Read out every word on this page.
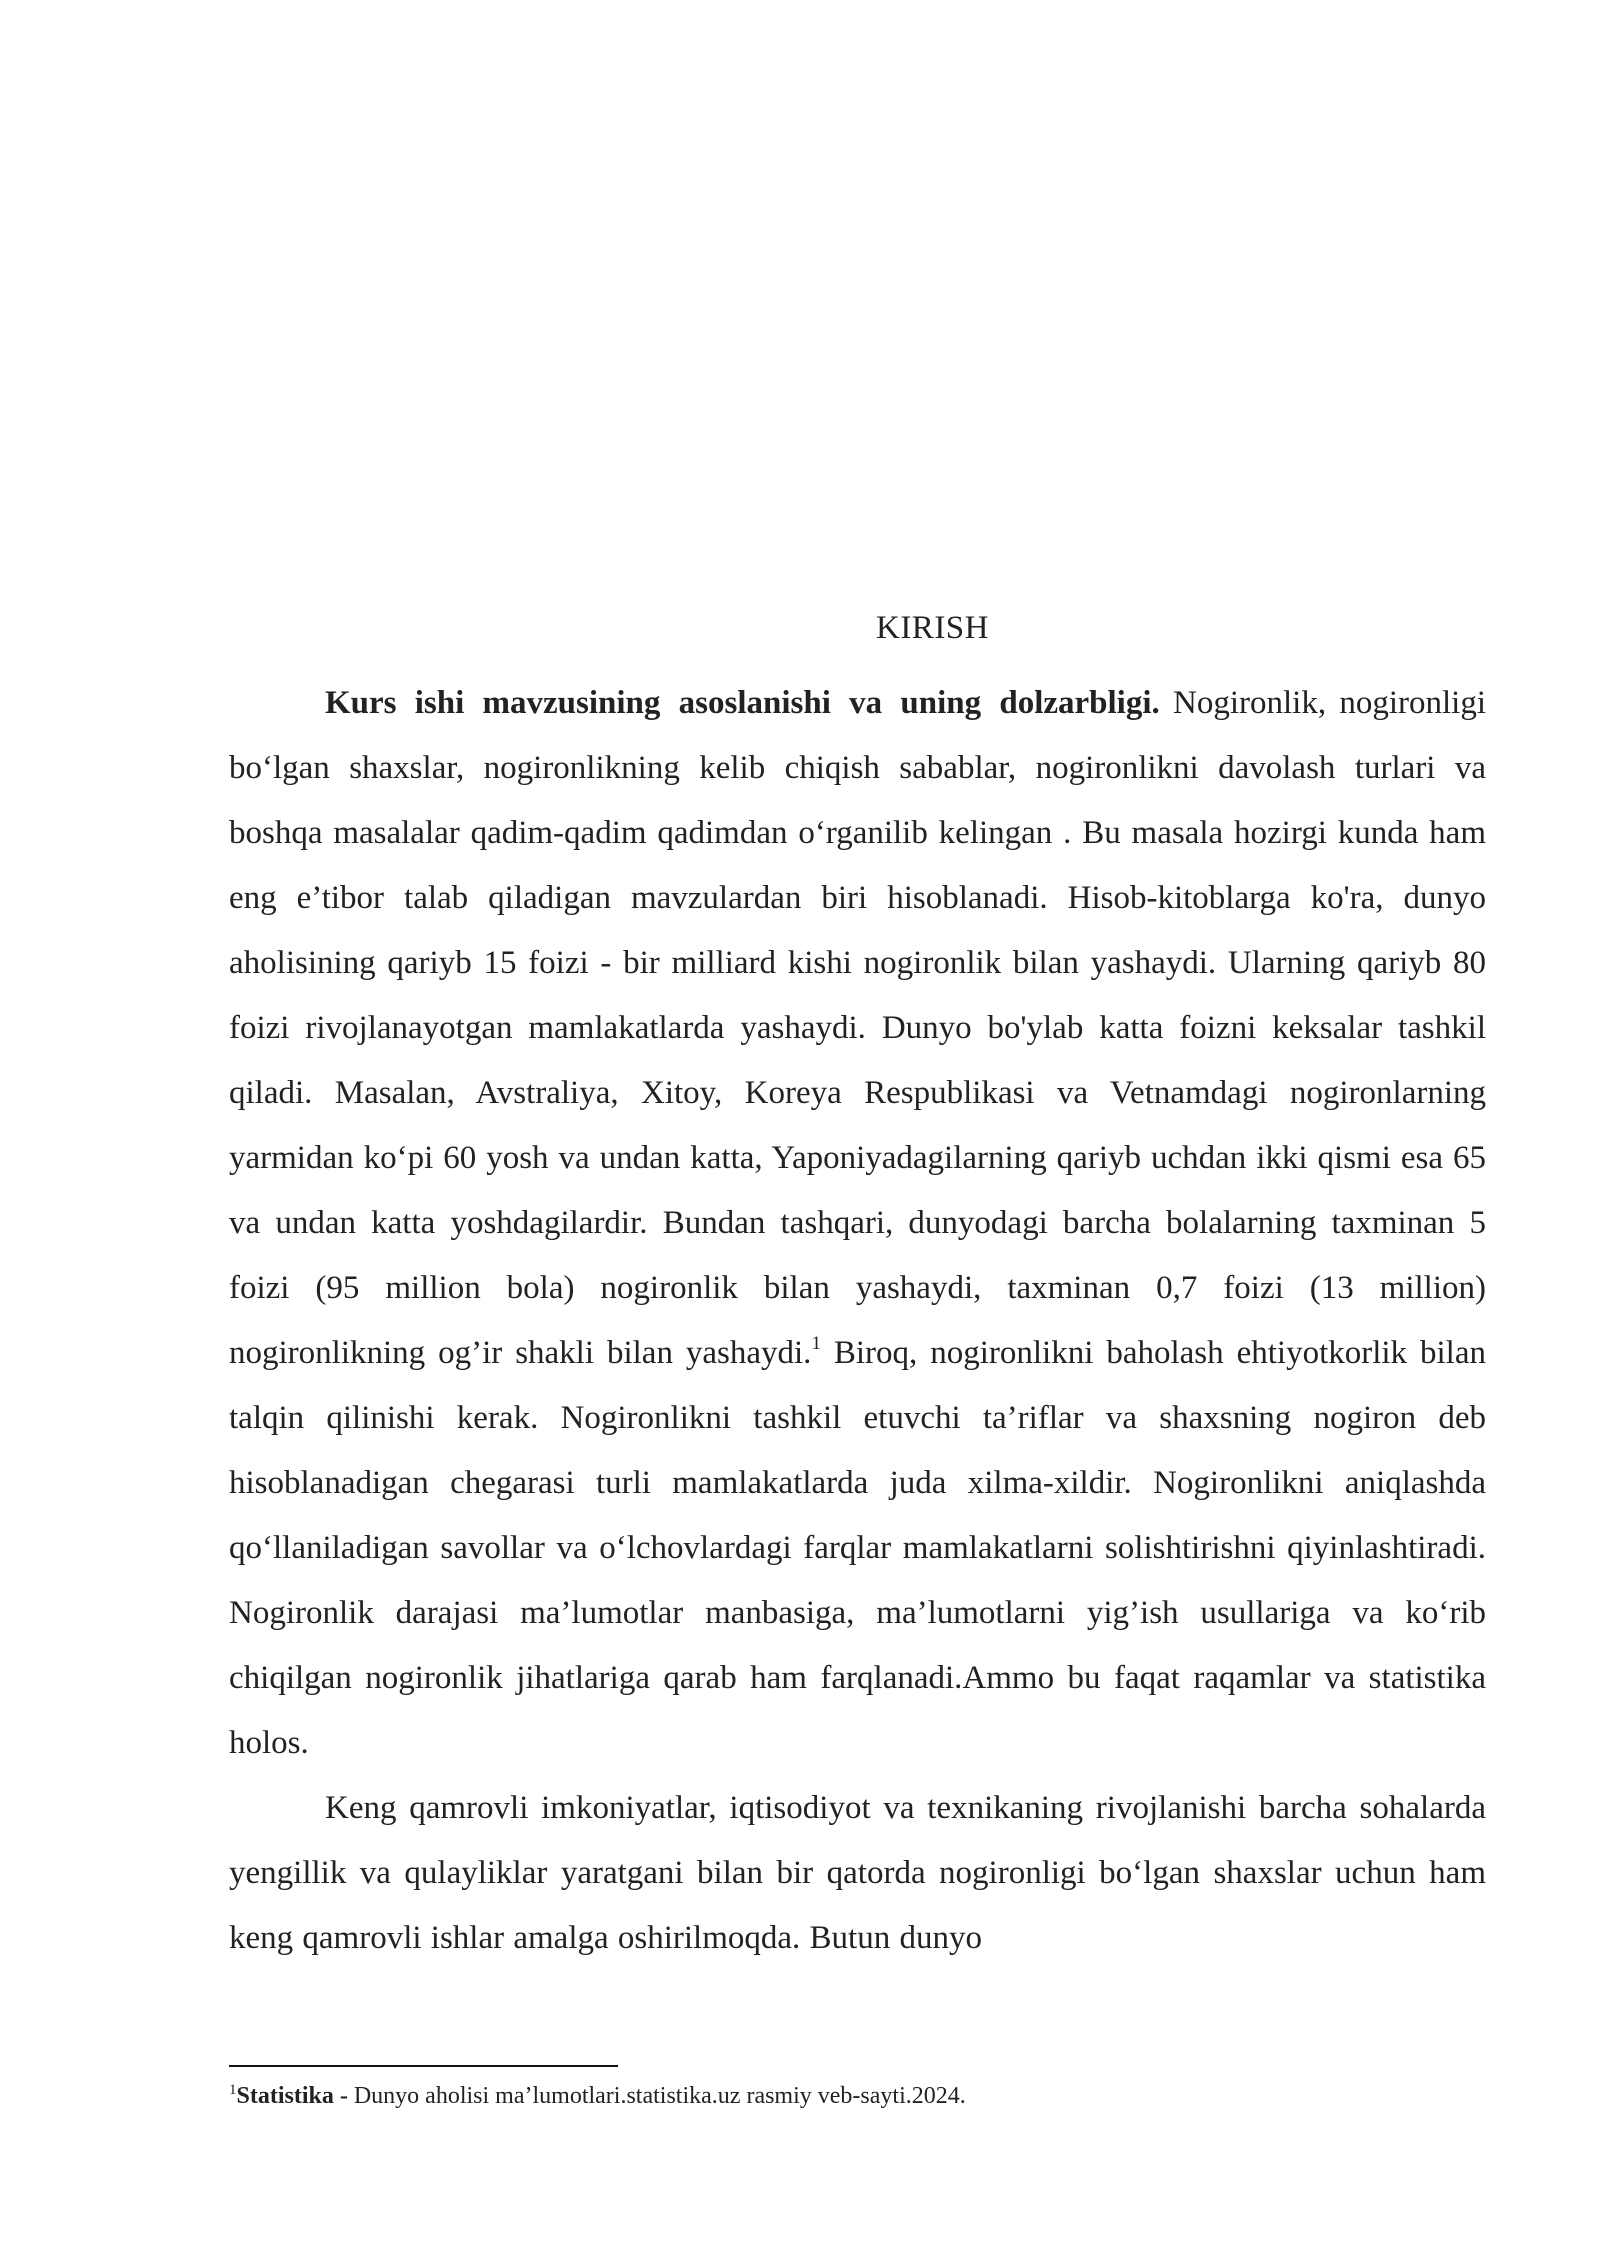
KIRISH

Kurs ishi mavzusining asoslanishi va uning dolzarbligi. Nogironlik, nogironligi bo‘lgan shaxslar, nogironlikning kelib chiqish sabablar, nogironlikni davolash turlari va boshqa masalalar qadim-qadim qadimdan o‘rganilib kelingan . Bu masala hozirgi kunda ham eng e’tibor talab qiladigan mavzulardan biri hisoblanadi. Hisob-kitoblarga ko'ra, dunyo aholisining qariyb 15 foizi - bir milliard kishi nogironlik bilan yashaydi. Ularning qariyb 80 foizi rivojlanayotgan mamlakatlarda yashaydi. Dunyo bo'ylab katta foizni keksalar tashkil qiladi. Masalan, Avstraliya, Xitoy, Koreya Respublikasi va Vetnamdagi nogironlarning yarmidan ko‘pi 60 yosh va undan katta, Yaponiyadagilarning qariyb uchdan ikki qismi esa 65 va undan katta yoshdagilardir. Bundan tashqari, dunyodagi barcha bolalarning taxminan 5 foizi (95 million bola) nogironlik bilan yashaydi, taxminan 0,7 foizi (13 million) nogironlikning og’ir shakli bilan yashaydi.$^1$ Biroq, nogironlikni baholash ehtiyotkorlik bilan talqin qilinishi kerak. Nogironlikni tashkil etuvchi ta’riflar va shaxsning nogiron deb hisoblanadigan chegarasi turli mamlakatlarda juda xilma-xildir. Nogironlikni aniqlashda qo‘llaniladigan savollar va o‘lchovlardagi farqlar mamlakatlarni solishtirishni qiyinlashtiradi. Nogironlik darajasi ma’lumotlar manbasiga, ma’lumotlarni yig’ish usullariga va ko‘rib chiqilgan nogironlik jihatlariga qarab ham farqlanadi.Ammo bu faqat raqamlar va statistika holos.

Keng qamrovli imkoniyatlar, iqtisodiyot va texnikaning rivojlanishi barcha sohalarda yengillik va qulayliklar yaratgani bilan bir qatorda nogironligi bo‘lgan shaxslar uchun ham keng qamrovli ishlar amalga oshirilmoqda. Butun dunyo

$^1$Statistika - Dunyo aholisi ma’lumotlari.statistika.uz rasmiy veb-sayti.2024.
